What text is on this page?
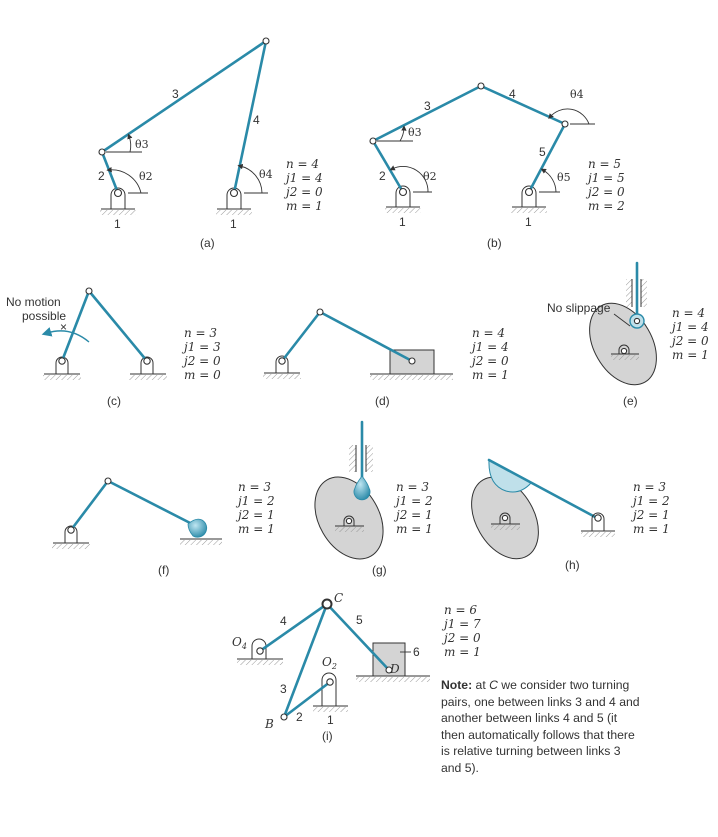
2
3
4
1	1
θ2
θ3
θ4
n = 4
j1 = 4
j2 = 0
m = 1
(a)
2
3
4
5
1	1
θ2
θ3
θ4
θ5
n = 5
j1 = 5
j2 = 0
m = 2
(b)
×
No motion
possible
n = 3
j1 = 3
j2 = 0
m = 0
(c)
n = 4
j1 = 4
j2 = 0
m = 1
(d)
No slippage	n = 4
j1 = 4
j2 = 0
m = 1
(e)
n = 3
j1 = 2
j2 = 1
m = 1
(f)
n = 3
j1 = 2
j2 = 1
m = 1
(g)
n = 3
j1 = 2
j2 = 1
m = 1
(h)
C
B
D
$O_2$
$O_4$
4
3
2
5
6
1
n = 6
j1 = 7
j2 = 0
m = 1
(i)
Note: at C we consider two turning pairs, one between links 3 and 4 and another between links 4 and 5 (it then automatically follows that there is relative turning between links 3 and 5).
